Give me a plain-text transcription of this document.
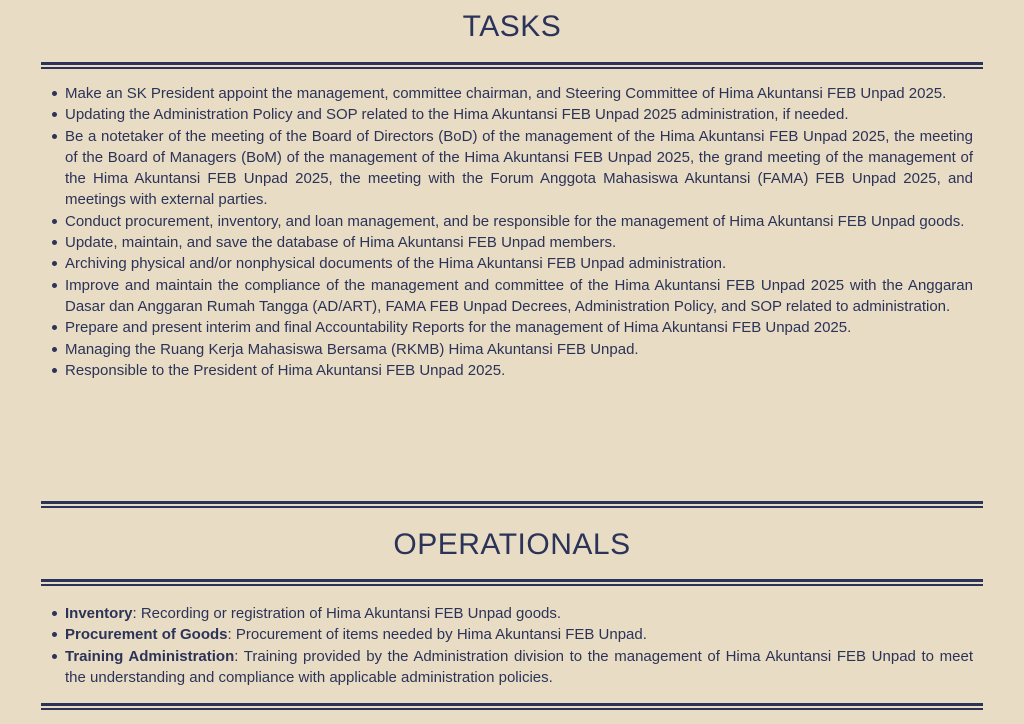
TASKS
Make an SK President appoint the management, committee chairman, and Steering Committee of Hima Akuntansi FEB Unpad 2025.
Updating the Administration Policy and SOP related to the Hima Akuntansi FEB Unpad 2025 administration, if needed.
Be a notetaker of the meeting of the Board of Directors (BoD) of the management of the Hima Akuntansi FEB Unpad 2025, the meeting of the Board of Managers (BoM) of the management of the Hima Akuntansi FEB Unpad 2025, the grand meeting of the management of the Hima Akuntansi FEB Unpad 2025, the meeting with the Forum Anggota Mahasiswa Akuntansi (FAMA) FEB Unpad 2025, and meetings with external parties.
Conduct procurement, inventory, and loan management, and be responsible for the management of Hima Akuntansi FEB Unpad goods.
Update, maintain, and save the database of Hima Akuntansi FEB Unpad members.
Archiving physical and/or nonphysical documents of the Hima Akuntansi FEB Unpad administration.
Improve and maintain the compliance of the management and committee of the Hima Akuntansi FEB Unpad 2025 with the Anggaran Dasar dan Anggaran Rumah Tangga (AD/ART), FAMA FEB Unpad Decrees, Administration Policy, and SOP related to administration.
Prepare and present interim and final Accountability Reports for the management of Hima Akuntansi FEB Unpad 2025.
Managing the Ruang Kerja Mahasiswa Bersama (RKMB) Hima Akuntansi FEB Unpad.
Responsible to the President of Hima Akuntansi FEB Unpad 2025.
OPERATIONALS
Inventory: Recording or registration of Hima Akuntansi FEB Unpad goods.
Procurement of Goods: Procurement of items needed by Hima Akuntansi FEB Unpad.
Training Administration: Training provided by the Administration division to the management of Hima Akuntansi FEB Unpad to meet the understanding and compliance with applicable administration policies.
